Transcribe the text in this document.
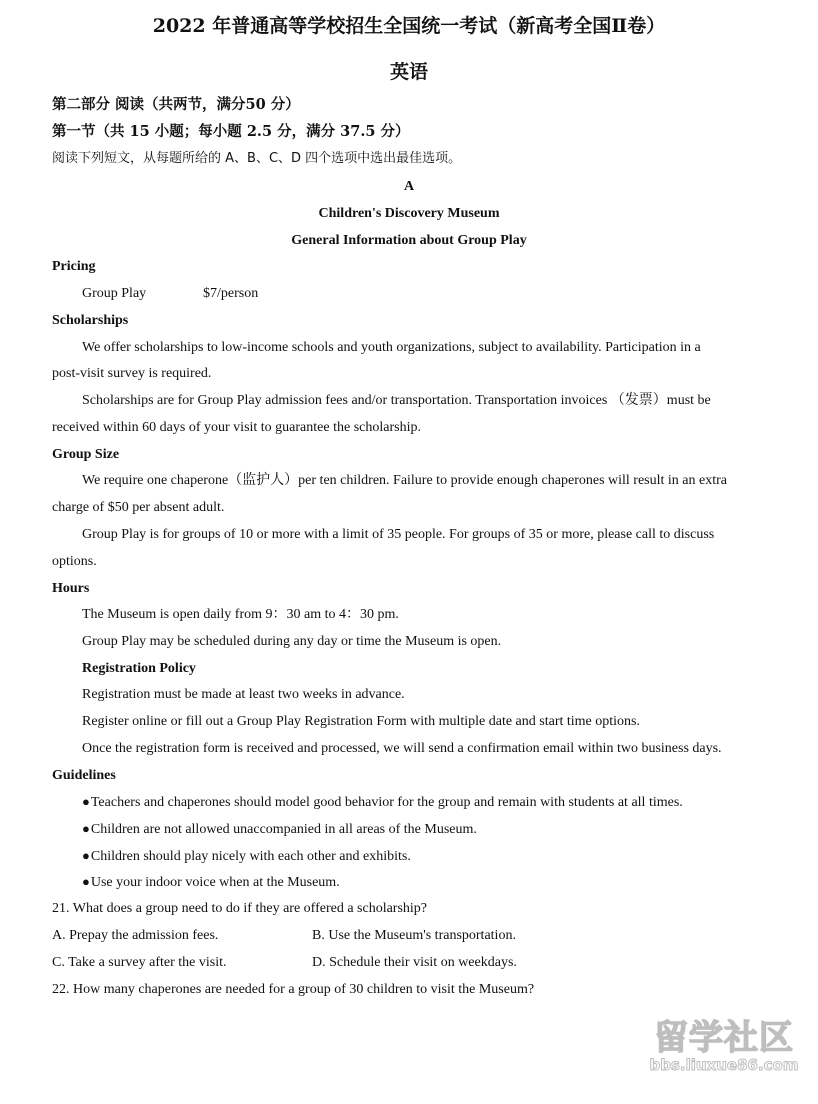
2022 年普通高等学校招生全国统一考试（新高考全国Ⅱ卷）
英语
第二部分 阅读（共两节，满分50 分）
第一节（共 15 小题；每小题 2.5 分，满分 37.5 分）
阅读下列短文，从每题所给的 A、B、C、D 四个选项中选出最佳选项。
A
Children's Discovery Museum
General Information about Group Play
Pricing
Group Play	$7/person
Scholarships
We offer scholarships to low-income schools and youth organizations, subject to availability. Participation in a
post-visit survey is required.
Scholarships are for Group Play admission fees and/or transportation. Transportation invoices （发票）must be
received within 60 days of your visit to guarantee the scholarship.
Group Size
We require one chaperone（监护人）per ten children. Failure to provide enough chaperones will result in an extra
charge of $50 per absent adult.
Group Play is for groups of 10 or more with a limit of 35 people. For groups of 35 or more, please call to discuss
options.
Hours
The Museum is open daily from 9：30 am to 4：30 pm.
Group Play may be scheduled during any day or time the Museum is open.
Registration Policy
Registration must be made at least two weeks in advance.
Register online or fill out a Group Play Registration Form with multiple date and start time options.
Once the registration form is received and processed, we will send a confirmation email within two business days.
Guidelines
●Teachers and chaperones should model good behavior for the group and remain with students at all times.
●Children are not allowed unaccompanied in all areas of the Museum.
●Children should play nicely with each other and exhibits.
●Use your indoor voice when at the Museum.
21. What does a group need to do if they are offered a scholarship?
A. Prepay the admission fees.	B. Use the Museum's transportation.
C. Take a survey after the visit.	D. Schedule their visit on weekdays.
22. How many chaperones are needed for a group of 30 children to visit the Museum?
留学社区
bbs.liuxue86.com
